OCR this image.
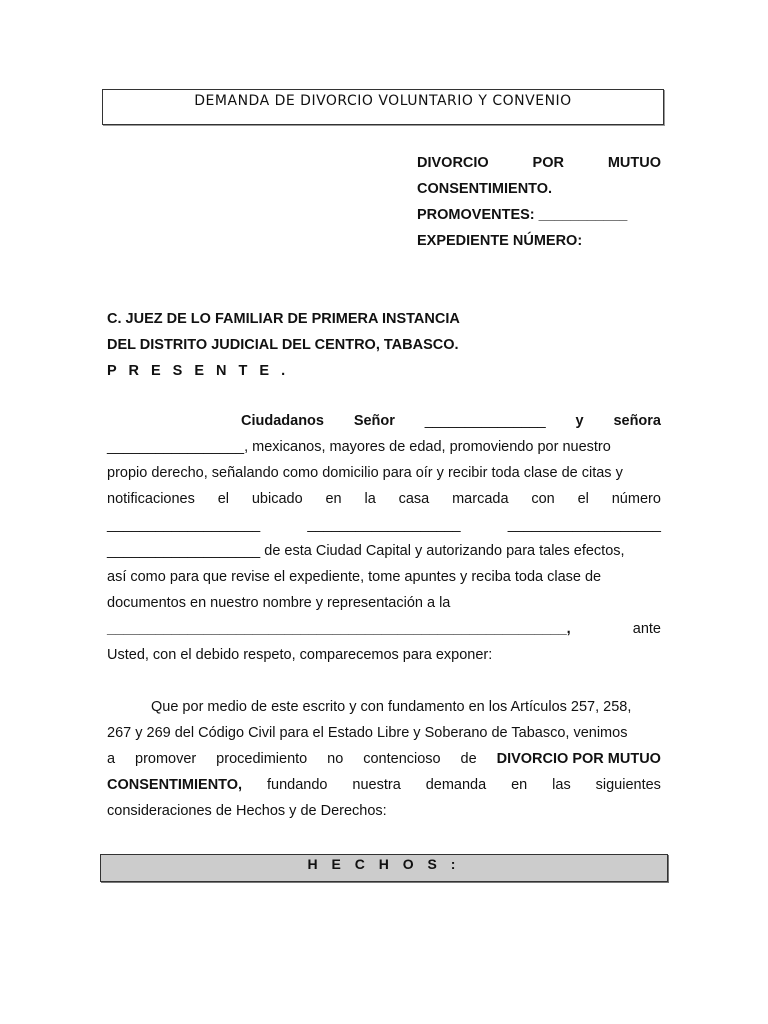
DEMANDA DE DIVORCIO VOLUNTARIO Y CONVENIO
DIVORCIO	POR	MUTUO
CONSENTIMIENTO.
PROMOVENTES: ___________
EXPEDIENTE NÚMERO:
C. JUEZ DE LO FAMILIAR DE PRIMERA INSTANCIA
DEL DISTRITO JUDICIAL DEL CENTRO, TABASCO.
P R E S E N T E .
Ciudadanos Señor _______________ y señora
_________________, mexicanos, mayores de edad, promoviendo por nuestro
propio derecho, señalando como domicilio para oír y recibir toda clase de citas y
notificaciones el ubicado en la casa marcada con el número
___________________	___________________	___________________
___________________ de esta Ciudad Capital y autorizando para tales efectos,
así como para que revise el expediente, tome apuntes y reciba toda clase de
documentos en nuestro nombre y representación a la
_________________________________________________________,	ante
Usted, con el debido respeto, comparecemos para exponer:
Que por medio de este escrito y con fundamento en los Artículos 257, 258,
267 y 269 del Código Civil para el Estado Libre y Soberano de Tabasco, venimos
a promover procedimiento no contencioso de DIVORCIO POR MUTUO
CONSENTIMIENTO, fundando nuestra demanda en las siguientes
consideraciones de Hechos y de Derechos:
H E C H O S :
